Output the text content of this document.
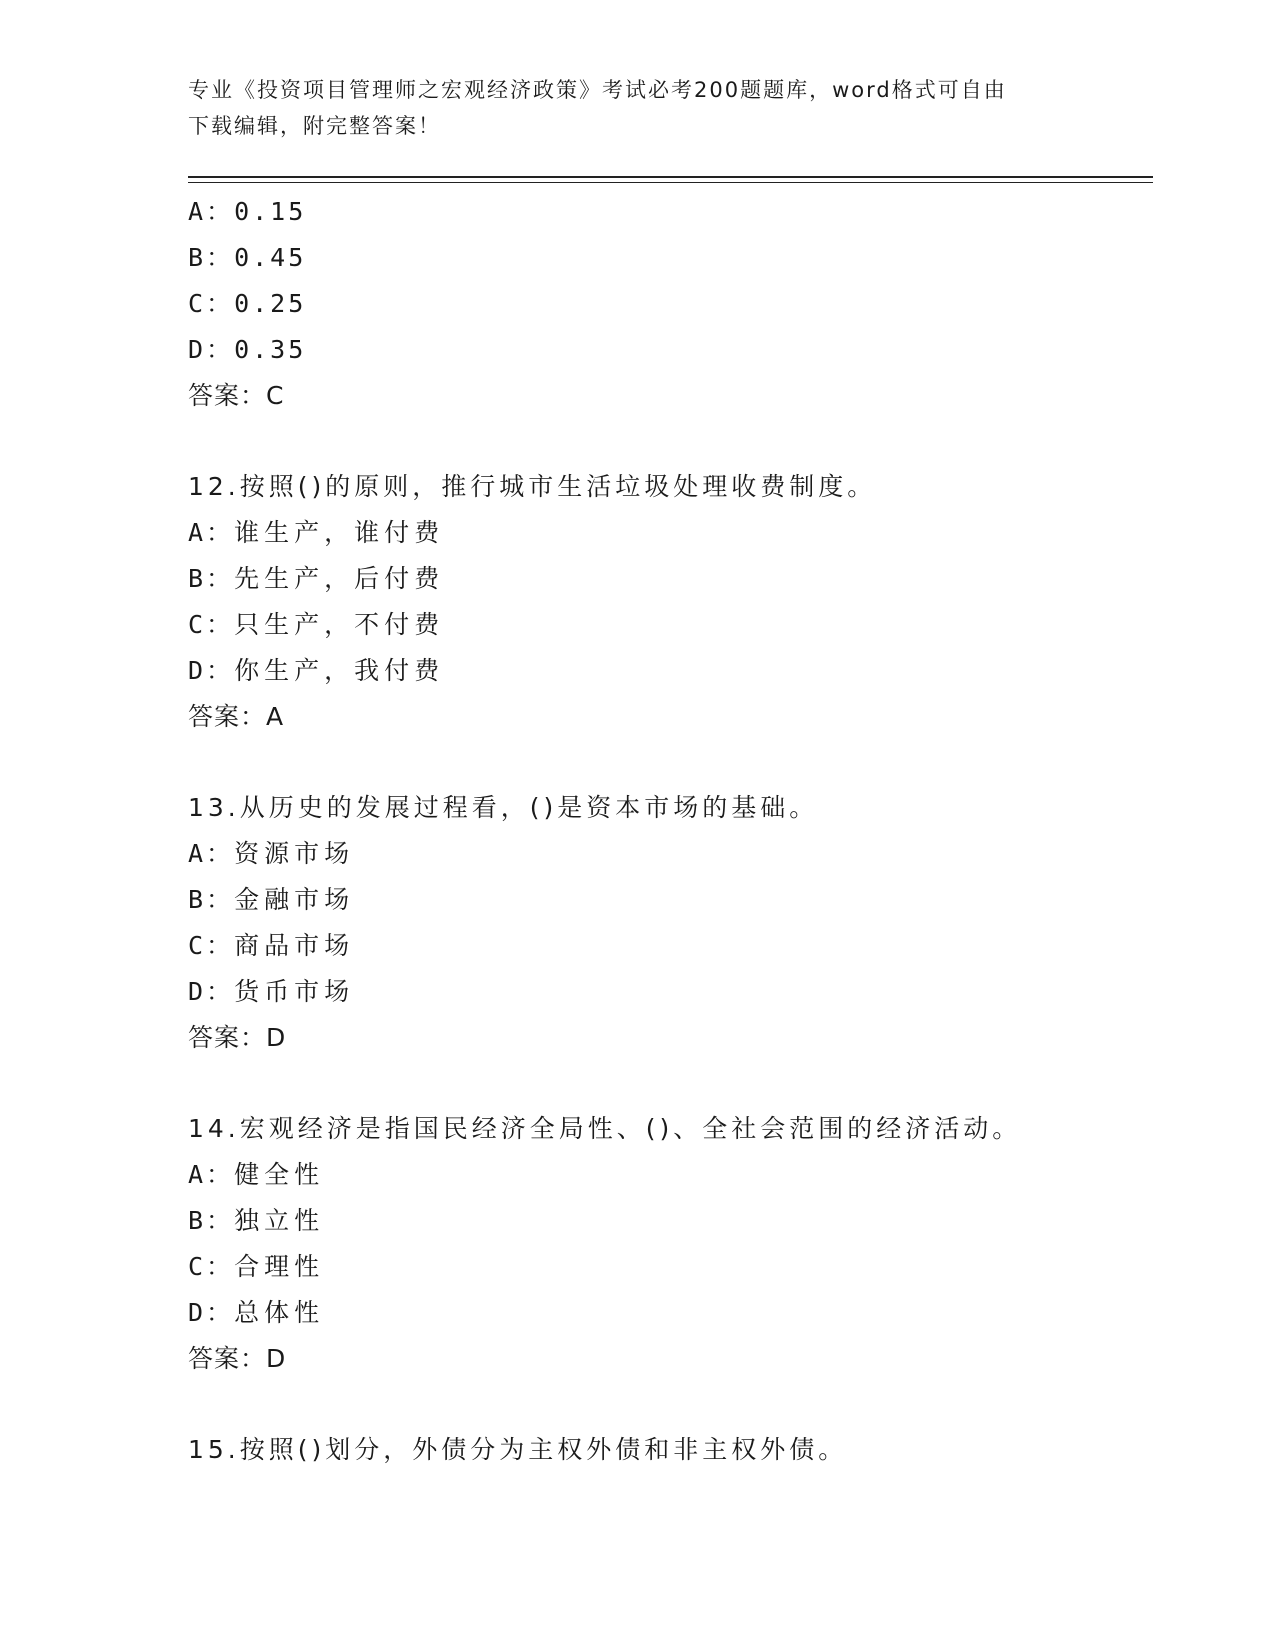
专业《投资项目管理师之宏观经济政策》考试必考200题题库，word格式可自由
下载编辑，附完整答案！
A：0.15
B：0.45
C：0.25
D：0.35
答案：C
12.按照()的原则，推行城市生活垃圾处理收费制度。
A：谁生产，谁付费
B：先生产，后付费
C：只生产，不付费
D：你生产，我付费
答案：A
13.从历史的发展过程看，()是资本市场的基础。
A：资源市场
B：金融市场
C：商品市场
D：货币市场
答案：D
14.宏观经济是指国民经济全局性、()、全社会范围的经济活动。
A：健全性
B：独立性
C：合理性
D：总体性
答案：D
15.按照()划分，外债分为主权外债和非主权外债。
